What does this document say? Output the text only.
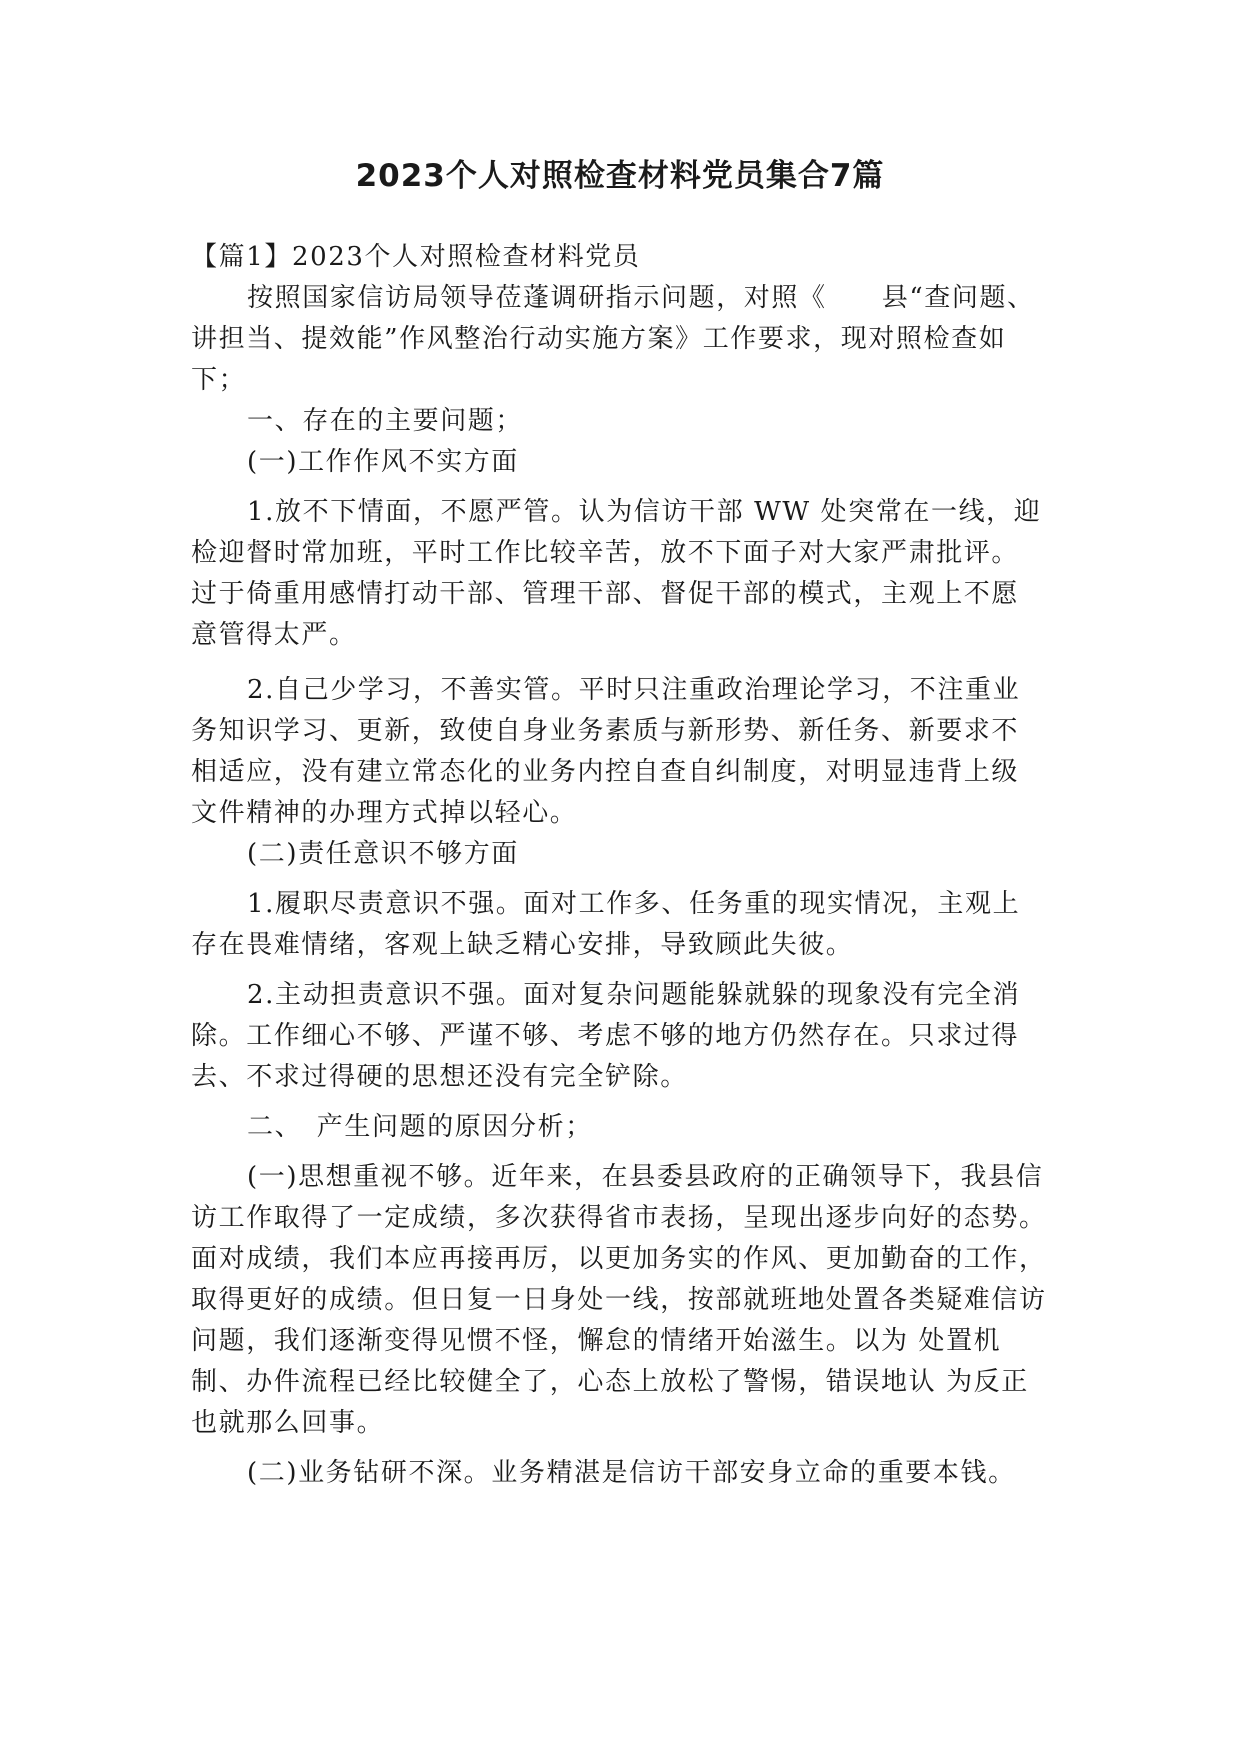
2023个人对照检查材料党员集合7篇

【篇1】2023个人对照检查材料党员

按照国家信访局领导莅蓬调研指示问题，对照《　　县“查问题、 讲担当、提效能”作风整治行动实施方案》工作要求，现对照检查如

下；

一、存在的主要问题；

(一)工作作风不实方面

1.放不下情面，不愿严管。认为信访干部 WW 处突常在一线，迎 检迎督时常加班，平时工作比较辛苦，放不下面子对大家严肃批评。 过于倚重用感情打动干部、管理干部、督促干部的模式，主观上不愿 意管得太严。

2.自己少学习，不善实管。平时只注重政治理论学习，不注重业 务知识学习、更新，致使自身业务素质与新形势、新任务、新要求不 相适应，没有建立常态化的业务内控自查自纠制度，对明显违背上级 文件精神的办理方式掉以轻心。

(二)责任意识不够方面

1.履职尽责意识不强。面对工作多、任务重的现实情况，主观上 存在畏难情绪，客观上缺乏精心安排，导致顾此失彼。

2.主动担责意识不强。面对复杂问题能躲就躲的现象没有完全消除。工作细心不够、严谨不够、考虑不够的地方仍然存在。只求过得去、不求过得硬的思想还没有完全铲除。

二、　产生问题的原因分析；

(一)思想重视不够。近年来，在县委县政府的正确领导下，我县信访工作取得了一定成绩，多次获得省市表扬，呈现出逐步向好的态势。面对成绩，我们本应再接再厉，以更加务实的作风、更加勤奋的工作，取得更好的成绩。但日复一日身处一线，按部就班地处置各类疑难信访问题，我们逐渐变得见惯不怪，懈怠的情绪开始滋生。以为 处置机制、办件流程已经比较健全了，心态上放松了警惕，错误地认 为反正也就那么回事。

(二)业务钻研不深。业务精湛是信访干部安身立命的重要本钱。
